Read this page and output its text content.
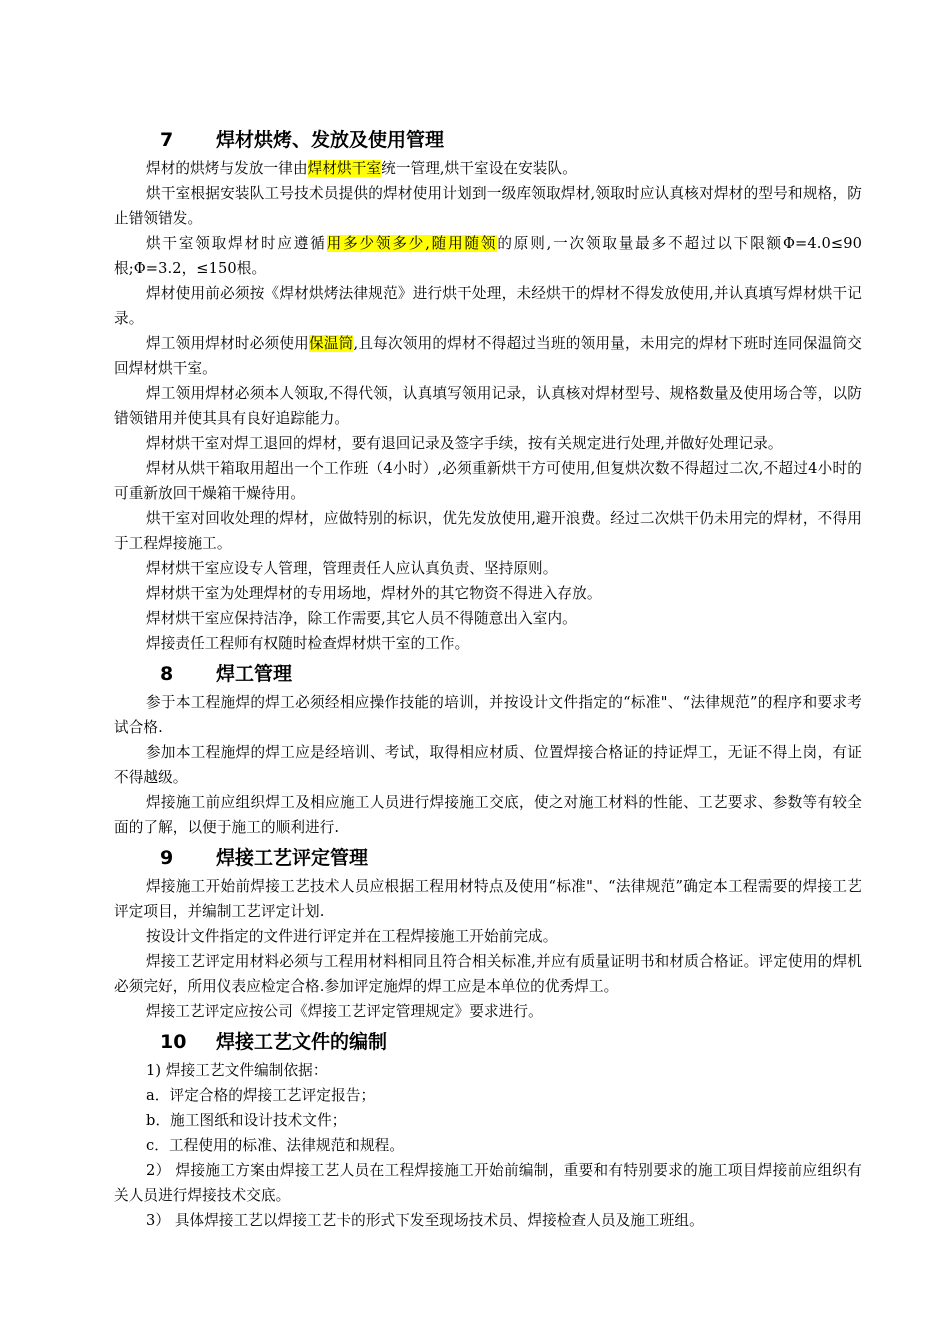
7 焊材烘烤、发放及使用管理

焊材的烘烤与发放一律由焊材烘干室统一管理,烘干室设在安装队。

烘干室根据安装队工号技术员提供的焊材使用计划到一级库领取焊材,领取时应认真核对焊材的型号和规格，防止错领错发。

烘干室领取焊材时应遵循用多少领多少,随用随领的原则,一次领取量最多不超过以下限额Φ=4.0≤90根;Φ=3.2，≤150根。

焊材使用前必须按《焊材烘烤法律规范》进行烘干处理，未经烘干的焊材不得发放使用,并认真填写焊材烘干记录。

焊工领用焊材时必须使用保温筒,且每次领用的焊材不得超过当班的领用量，未用完的焊材下班时连同保温筒交回焊材烘干室。

焊工领用焊材必须本人领取,不得代领，认真填写领用记录，认真核对焊材型号、规格数量及使用场合等，以防错领错用并使其具有良好追踪能力。

焊材烘干室对焊工退回的焊材，要有退回记录及签字手续，按有关规定进行处理,并做好处理记录。

焊材从烘干箱取用超出一个工作班（4小时）,必须重新烘干方可使用,但复烘次数不得超过二次,不超过4小时的可重新放回干燥箱干燥待用。

烘干室对回收处理的焊材，应做特别的标识，优先发放使用,避开浪费。经过二次烘干仍未用完的焊材，不得用于工程焊接施工。

焊材烘干室应设专人管理，管理责任人应认真负责、坚持原则。

焊材烘干室为处理焊材的专用场地，焊材外的其它物资不得进入存放。

焊材烘干室应保持洁净，除工作需要,其它人员不得随意出入室内。

焊接责任工程师有权随时检查焊材烘干室的工作。

8 焊工管理

参于本工程施焊的焊工必须经相应操作技能的培训，并按设计文件指定的“标准"、“法律规范”的程序和要求考试合格.

参加本工程施焊的焊工应是经培训、考试，取得相应材质、位置焊接合格证的持证焊工，无证不得上岗，有证不得越级。

焊接施工前应组织焊工及相应施工人员进行焊接施工交底，使之对施工材料的性能、工艺要求、参数等有较全面的了解，以便于施工的顺利进行.

9 焊接工艺评定管理

焊接施工开始前焊接工艺技术人员应根据工程用材特点及使用“标准"、“法律规范”确定本工程需要的焊接工艺评定项目，并编制工艺评定计划.

按设计文件指定的文件进行评定并在工程焊接施工开始前完成。

焊接工艺评定用材料必须与工程用材料相同且符合相关标准,并应有质量证明书和材质合格证。评定使用的焊机必须完好，所用仪表应检定合格.参加评定施焊的焊工应是本单位的优秀焊工。

焊接工艺评定应按公司《焊接工艺评定管理规定》要求进行。

10 焊接工艺文件的编制

1) 焊接工艺文件编制依据：

a．评定合格的焊接工艺评定报告；

b．施工图纸和设计技术文件；

c．工程使用的标准、法律规范和规程。

2） 焊接施工方案由焊接工艺人员在工程焊接施工开始前编制，重要和有特别要求的施工项目焊接前应组织有关人员进行焊接技术交底。

3） 具体焊接工艺以焊接工艺卡的形式下发至现场技术员、焊接检查人员及施工班组。
